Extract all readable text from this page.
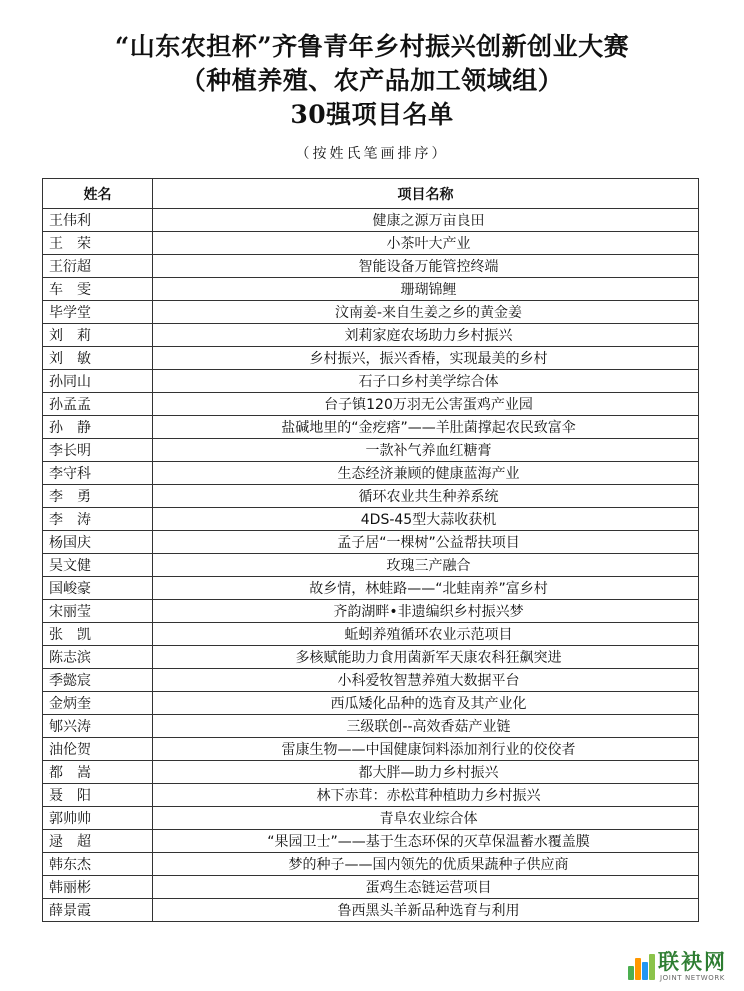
“山东农担杯”齐鲁青年乡村振兴创新创业大赛
（种植养殖、农产品加工领域组）
30强项目名单
（按姓氏笔画排序）
姓名	项目名称
王伟利	健康之源万亩良田
王　荣	小茶叶大产业
王衍超	智能设备万能管控终端
车　雯	珊瑚锦鲤
毕学堂	汶南姜-来自生姜之乡的黄金姜
刘　莉	刘莉家庭农场助力乡村振兴
刘　敏	乡村振兴，振兴香椿，实现最美的乡村
孙同山	石子口乡村美学综合体
孙孟孟	台子镇120万羽无公害蛋鸡产业园
孙　静	盐碱地里的“金疙瘩”——羊肚菌撑起农民致富伞
李长明	一款补气养血红糖膏
李守科	生态经济兼顾的健康蓝海产业
李　勇	循环农业共生种养系统
李　涛	4DS-45型大蒜收获机
杨国庆	孟子居“一棵树”公益帮扶项目
吴文健	玫瑰三产融合
国峻豪	故乡情，林蛙路——“北蛙南养”富乡村
宋丽莹	齐韵湖畔•非遗编织乡村振兴梦
张　凯	蚯蚓养殖循环农业示范项目
陈志滨	多核赋能助力食用菌新军天康农科狂飙突进
季懿宸	小科爱牧智慧养殖大数据平台
金炳奎	西瓜矮化品种的选育及其产业化
郇兴涛	三级联创--高效香菇产业链
油伦贺	雷康生物——中国健康饲料添加剂行业的佼佼者
都　嵩	都大胖—助力乡村振兴
聂　阳	林下赤茸：赤松茸种植助力乡村振兴
郭帅帅	青阜农业综合体
逯　超	“果园卫士”——基于生态环保的灭草保温蓄水覆盖膜
韩东杰	梦的种子——国内领先的优质果蔬种子供应商
韩丽彬	蛋鸡生态链运营项目
薛景霞	鲁西黑头羊新品种选育与利用
联袂网
JOINT NETWORK
